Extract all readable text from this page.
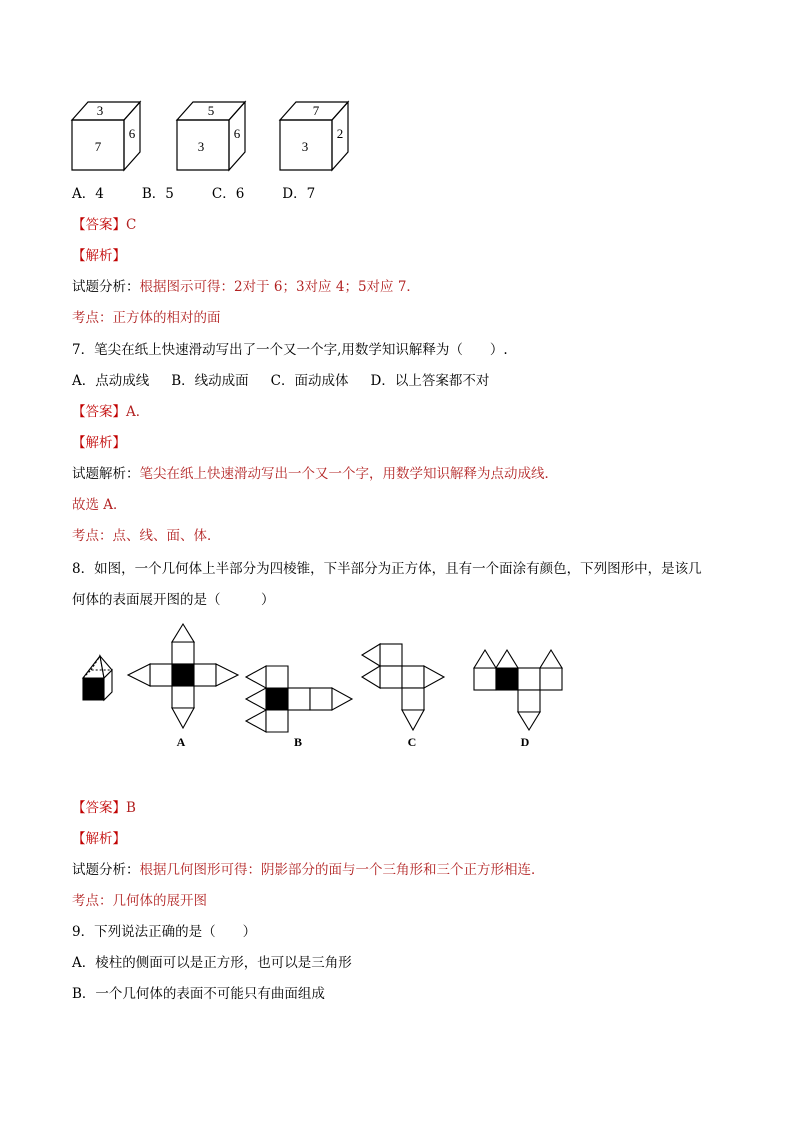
3
7
6
5
3
6
7
3
2
A．4	B．5	C．6	D．7
【答案】C
【解析】
试题分析：根据图示可得：2对于 6；3对应 4；5对应 7．
考点：正方体的相对的面
7．笔尖在纸上快速滑动写出了一个又一个字,用数学知识解释为（　　）.
A．点动成线 B．线动成面 C．面动成体 D．以上答案都不对
【答案】A．
【解析】
试题解析：笔尖在纸上快速滑动写出一个又一个字，用数学知识解释为点动成线．
故选 A．
考点：点、线、面、体．
8．如图，一个几何体上半部分为四棱锥，下半部分为正方体，且有一个面涂有颜色，下列图形中，是该几
何体的表面展开图的是（　　　）
A	B	C	D
【答案】B
【解析】
试题分析：根据几何图形可得：阴影部分的面与一个三角形和三个正方形相连．
考点：几何体的展开图
9．下列说法正确的是（　　）
A．棱柱的侧面可以是正方形，也可以是三角形
B．一个几何体的表面不可能只有曲面组成
